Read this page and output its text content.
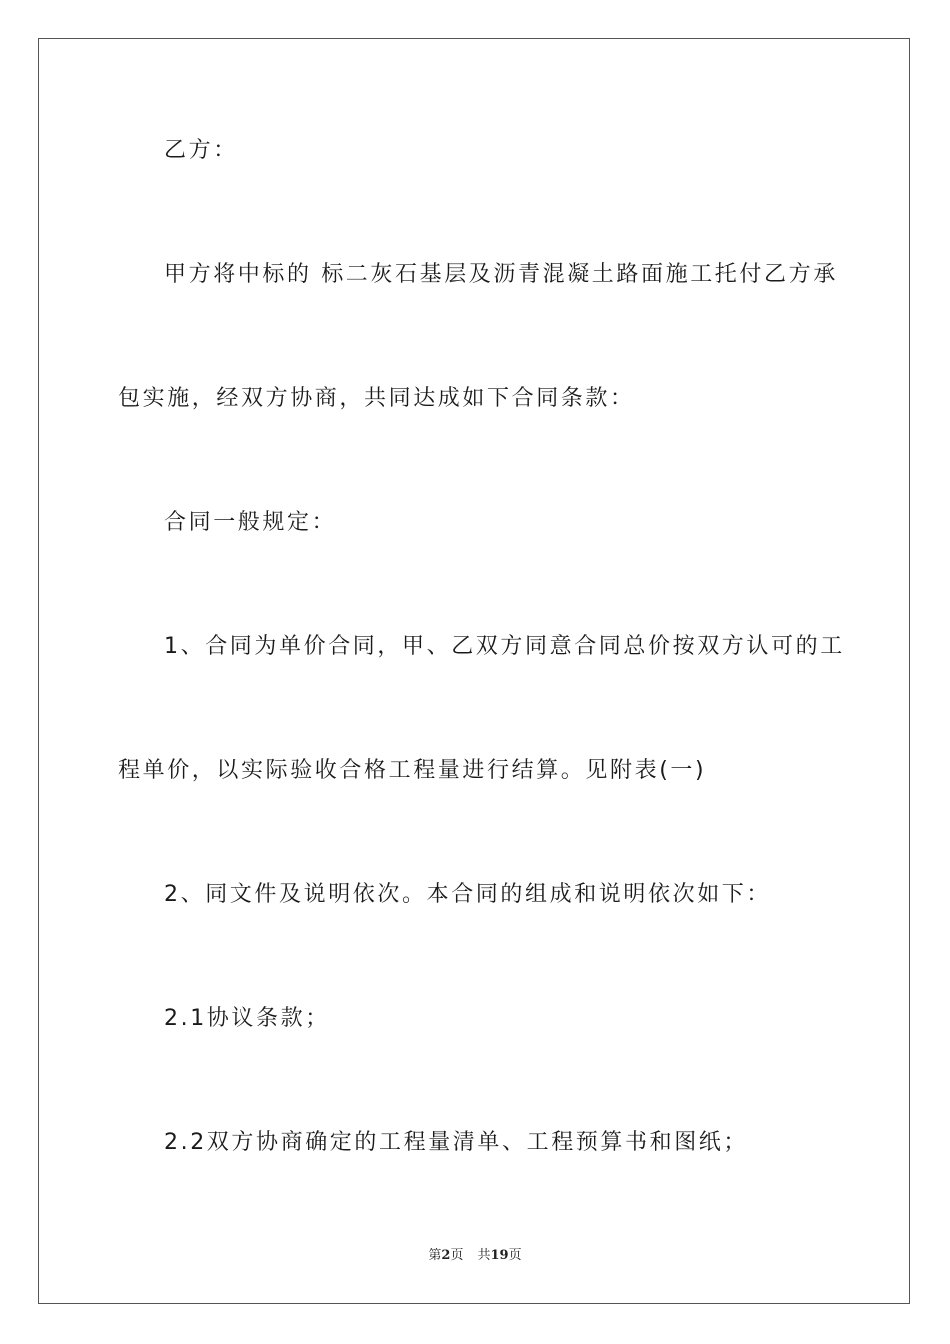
乙方：
甲方将中标的 标二灰石基层及沥青混凝土路面施工托付乙方承
包实施，经双方协商，共同达成如下合同条款：
合同一般规定：
1、合同为单价合同，甲、乙双方同意合同总价按双方认可的工
程单价，以实际验收合格工程量进行结算。见附表(一)
2、同文件及说明依次。本合同的组成和说明依次如下：
2.1协议条款；
2.2双方协商确定的工程量清单、工程预算书和图纸；
第2页 共19页
